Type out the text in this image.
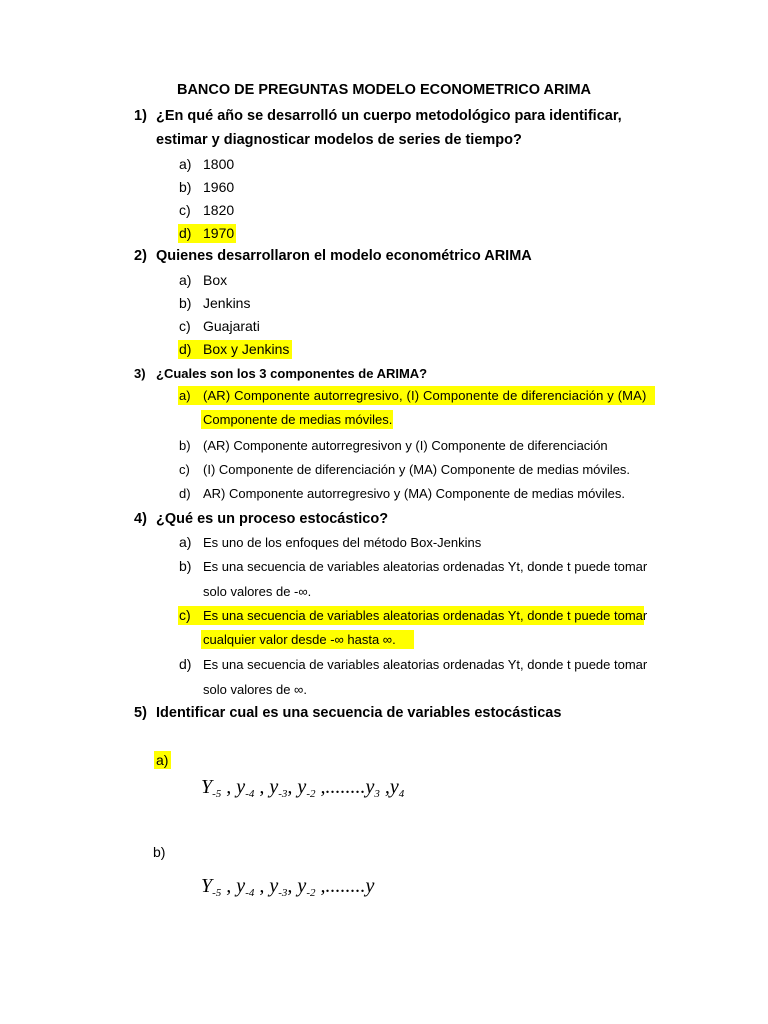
BANCO DE PREGUNTAS MODELO ECONOMETRICO ARIMA
1) ¿En qué año se desarrolló un cuerpo metodológico para identificar,
estimar y diagnosticar modelos de series de tiempo?
a) 1800
b) 1960
c) 1820
d) 1970
2) Quienes desarrollaron el modelo econométrico ARIMA
a) Box
b) Jenkins
c) Guajarati
d) Box y Jenkins
3) ¿Cuales son los 3 componentes de ARIMA?
a) (AR) Componente autorregresivo, (I) Componente de diferenciación y (MA)
Componente de medias móviles.
b) (AR) Componente autorregresivon y (I) Componente de diferenciación
c) (I) Componente de diferenciación y (MA) Componente de medias móviles.
d) AR) Componente autorregresivo y (MA) Componente de medias móviles.
4) ¿Qué es un proceso estocástico?
a) Es uno de los enfoques del método Box-Jenkins
b) Es una secuencia de variables aleatorias ordenadas Yt, donde t puede tomar
solo valores de -∞.
c) Es una secuencia de variables aleatorias ordenadas Yt, donde t puede tomar
cualquier valor desde -∞ hasta ∞.
d) Es una secuencia de variables aleatorias ordenadas Yt, donde t puede tomar
solo valores de ∞.
5) Identificar cual es una secuencia de variables estocásticas
a)
$Y_{-5}$ , $y_{-4}$ , $y_{-3}$, $y_{-2}$ $,........y_3$ $,y_4$
b)
$Y_{-5}$ , $y_{-4}$ , $y_{-3}$, $y_{-2}$ ,........y
